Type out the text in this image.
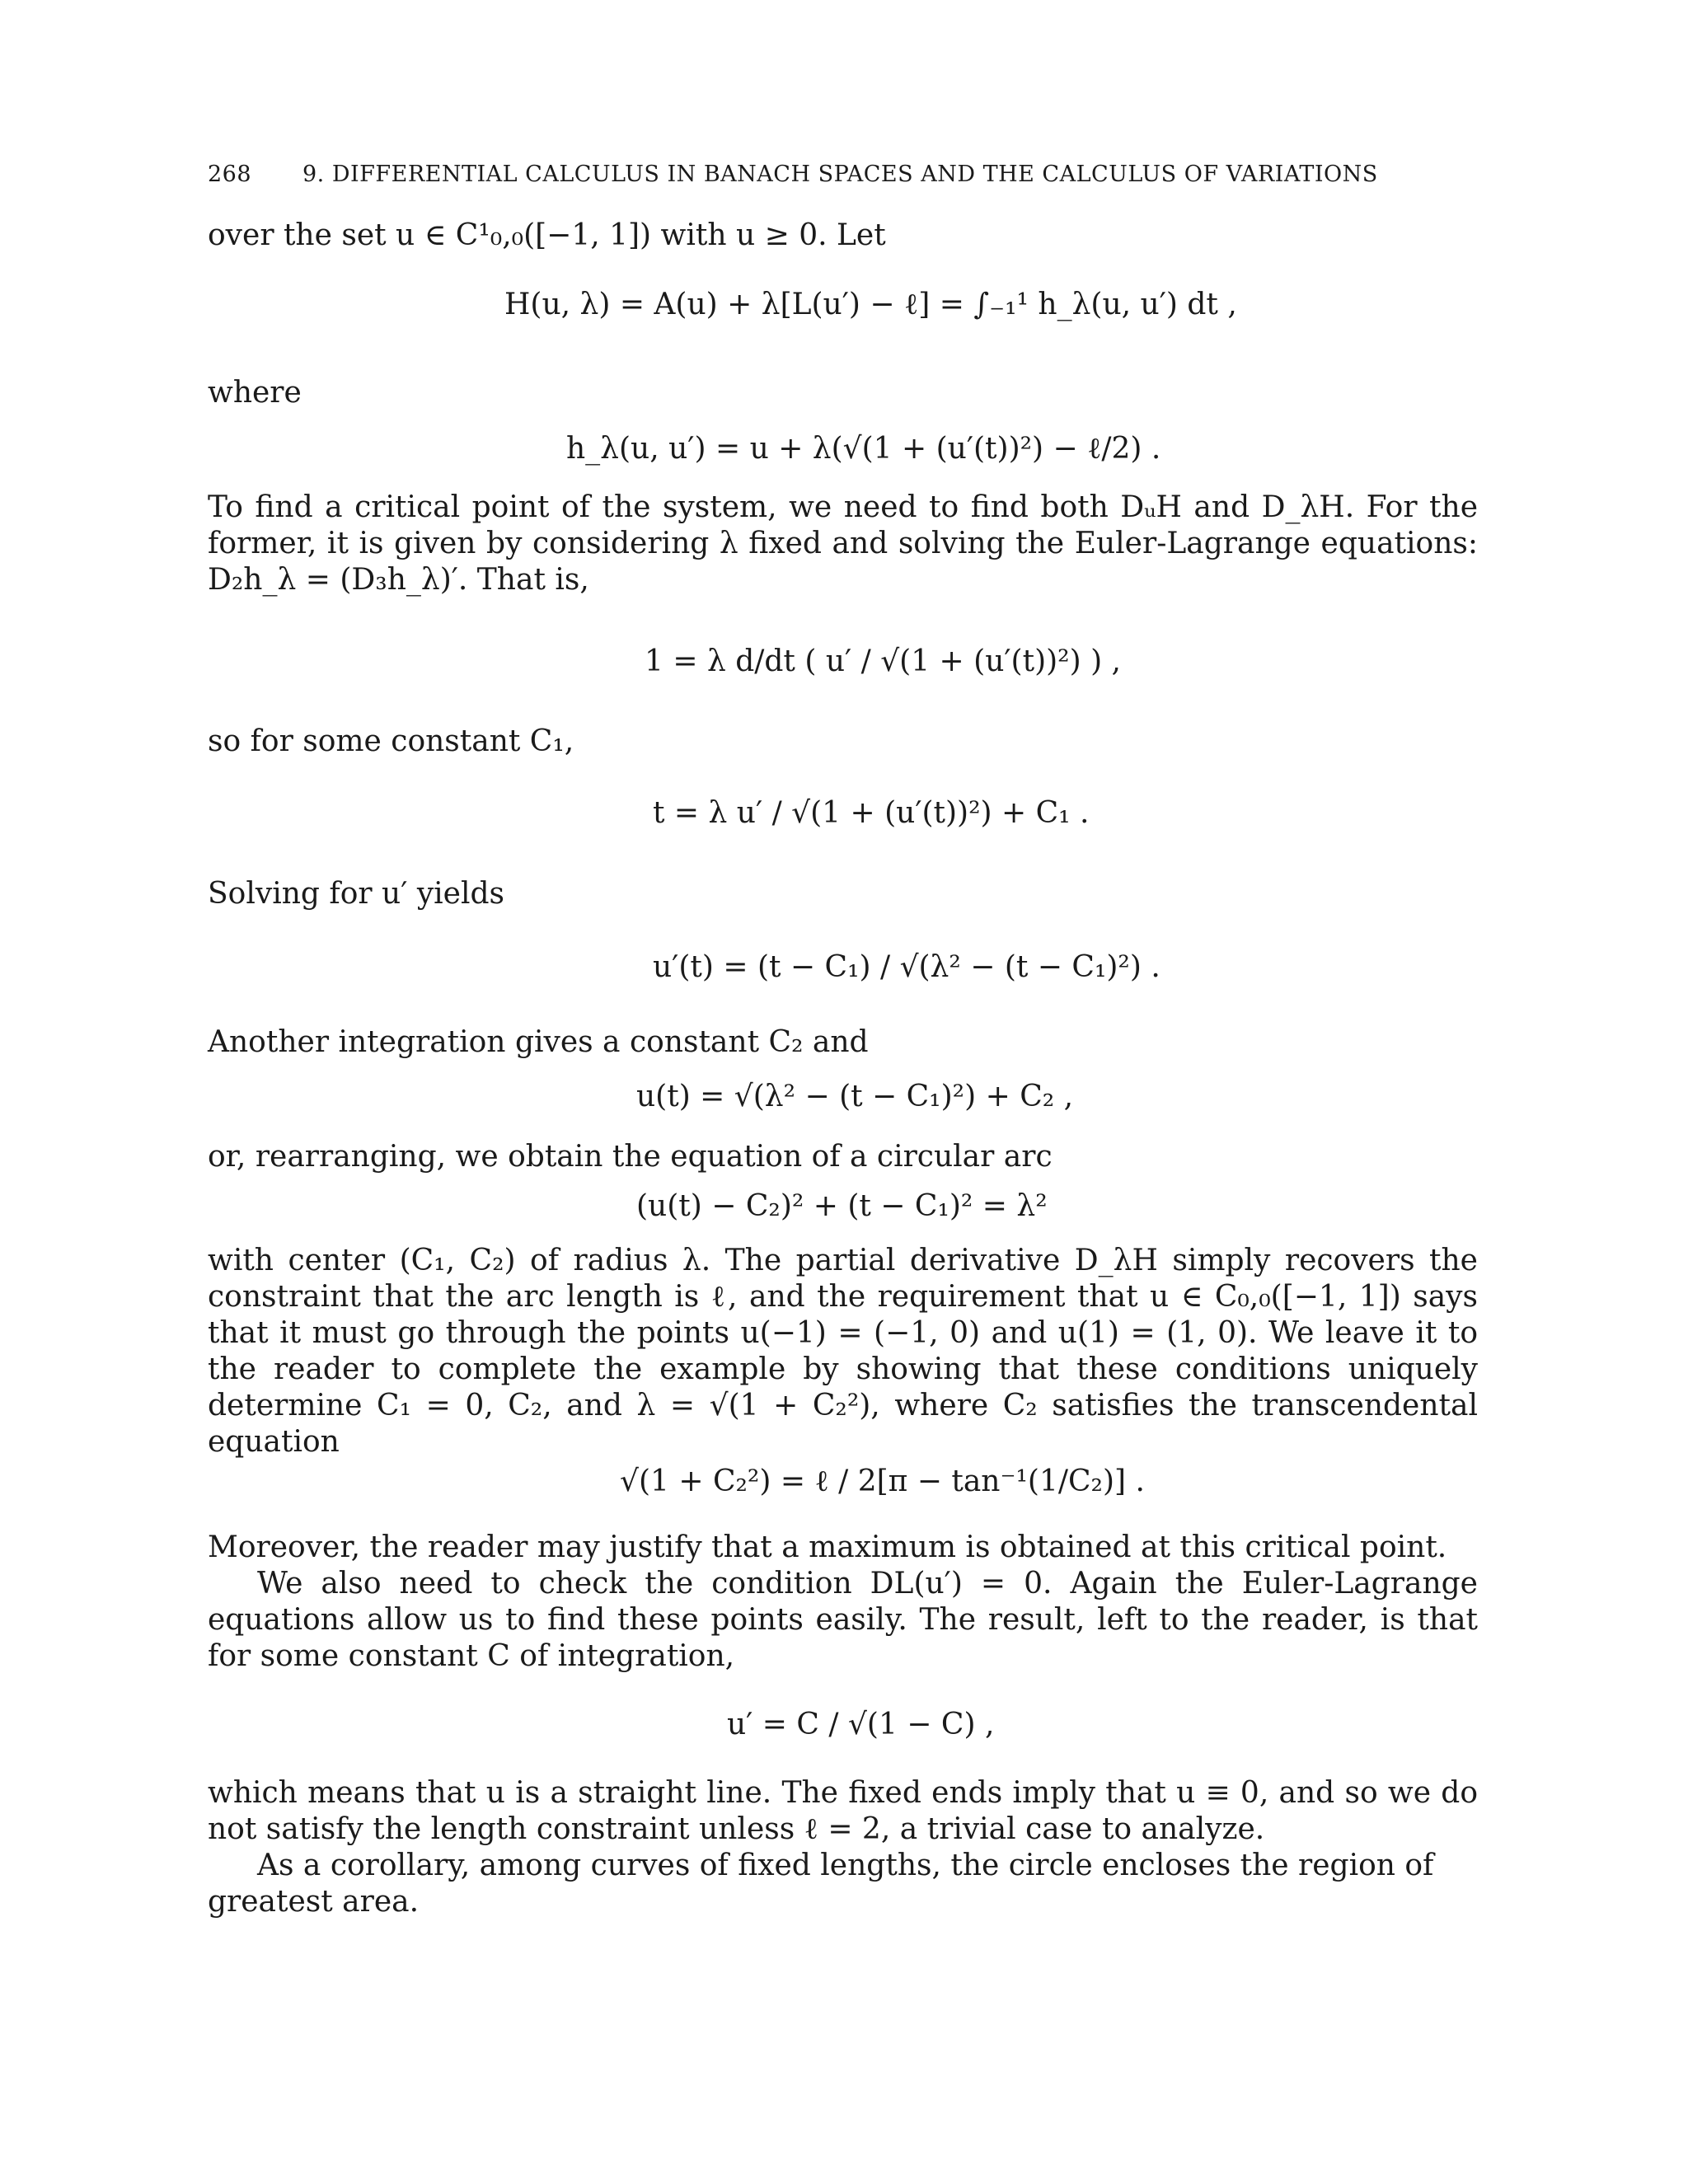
268 9. DIFFERENTIAL CALCULUS IN BANACH SPACES AND THE CALCULUS OF VARIATIONS
over the set u ∈ C¹₀,₀([−1, 1]) with u ≥ 0. Let
H(u, λ) = A(u) + λ[L(u′) − ℓ] = ∫₋₁¹ h_λ(u, u′) dt ,
where
h_λ(u, u′) = u + λ(√(1 + (u′(t))²) − ℓ/2) .
To find a critical point of the system, we need to find both DᵤH and D_λH. For the former, it is given by considering λ fixed and solving the Euler-Lagrange equations: D₂h_λ = (D₃h_λ)′. That is,
1 = λ d/dt ( u′ / √(1 + (u′(t))²) ) ,
so for some constant C₁,
t = λ u′ / √(1 + (u′(t))²) + C₁ .
Solving for u′ yields
u′(t) = (t − C₁) / √(λ² − (t − C₁)²) .
Another integration gives a constant C₂ and
u(t) = √(λ² − (t − C₁)²) + C₂ ,
or, rearranging, we obtain the equation of a circular arc
(u(t) − C₂)² + (t − C₁)² = λ²
with center (C₁, C₂) of radius λ. The partial derivative D_λH simply recovers the constraint that the arc length is ℓ, and the requirement that u ∈ C₀,₀([−1, 1]) says that it must go through the points u(−1) = (−1, 0) and u(1) = (1, 0). We leave it to the reader to complete the example by showing that these conditions uniquely determine C₁ = 0, C₂, and λ = √(1 + C₂²), where C₂ satisfies the transcendental equation
√(1 + C₂²) = ℓ / 2[π − tan⁻¹(1/C₂)] .
Moreover, the reader may justify that a maximum is obtained at this critical point.
We also need to check the condition DL(u′) = 0. Again the Euler-Lagrange equations allow us to find these points easily. The result, left to the reader, is that for some constant C of integration,
u′ = C / √(1 − C) ,
which means that u is a straight line. The fixed ends imply that u ≡ 0, and so we do not satisfy the length constraint unless ℓ = 2, a trivial case to analyze.
As a corollary, among curves of fixed lengths, the circle encloses the region of greatest area.
